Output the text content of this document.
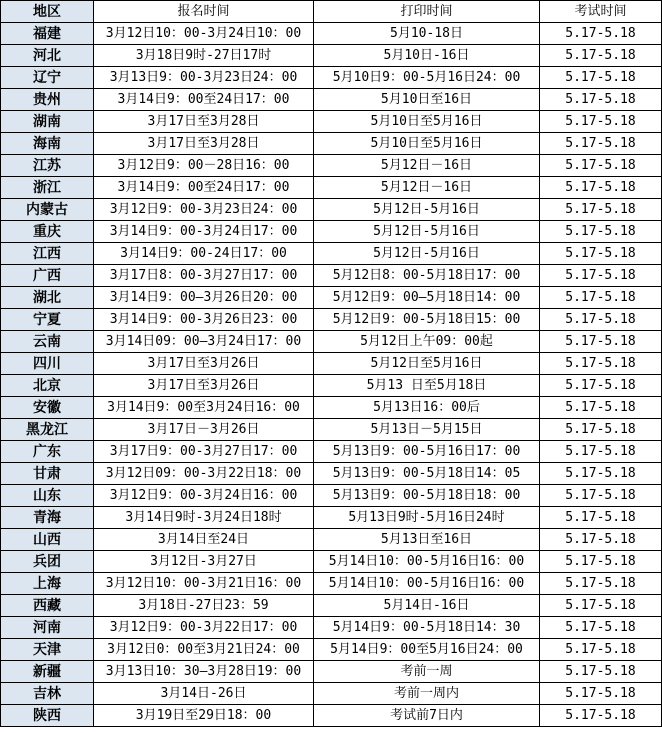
地区	报名时间	打印时间	考试时间
福建	3月12日10：00-3月24日10：00	5月10-18日	5.17-5.18
河北	3月18日9时-27日17时	5月10日-16日	5.17-5.18
辽宁	3月13日9：00-3月23日24：00	5月10日9：00-5月16日24：00	5.17-5.18
贵州	3月14日9：00至24日17：00	5月10日至16日	5.17-5.18
湖南	3月17日至3月28日	5月10日至5月16日	5.17-5.18
海南	3月17日至3月28日	5月10日至5月16日	5.17-5.18
江苏	3月12日9：00－28日16：00	5月12日－16日	5.17-5.18
浙江	3月14日9：00至24日17：00	5月12日－16日	5.17-5.18
内蒙古	3月12日9：00-3月23日24：00	5月12日-5月16日	5.17-5.18
重庆	3月14日9：00-3月24日17：00	5月12日-5月16日	5.17-5.18
江西	3月14日9：00-24日17：00	5月12日-5月16日	5.17-5.18
广西	3月17日8：00-3月27日17：00	5月12日8：00-5月18日17：00	5.17-5.18
湖北	3月14日9：00—3月26日20：00	5月12日9：00—5月18日14：00	5.17-5.18
宁夏	3月14日9：00-3月26日23：00	5月12日9：00-5月18日15：00	5.17-5.18
云南	3月14日09：00—3月24日17：00	5月12日上午09：00起	5.17-5.18
四川	3月17日至3月26日	5月12日至5月16日	5.17-5.18
北京	3月17日至3月26日	5月13 日至5月18日	5.17-5.18
安徽	3月14日9：00至3月24日16：00	5月13日16：00后	5.17-5.18
黑龙江	3月17日－3月26日	5月13日－5月15日	5.17-5.18
广东	3月17日9：00-3月27日17：00	5月13日9：00-5月16日17：00	5.17-5.18
甘肃	3月12日09：00-3月22日18：00	5月13日9：00-5月18日14：05	5.17-5.18
山东	3月12日9：00-3月24日16：00	5月13日9：00-5月18日18：00	5.17-5.18
青海	3月14日9时-3月24日18时	5月13日9时-5月16日24时	5.17-5.18
山西	3月14日至24日	5月13日至16日	5.17-5.18
兵团	3月12日-3月27日	5月14日10：00-5月16日16：00	5.17-5.18
上海	3月12日10：00-3月21日16：00	5月14日10：00-5月16日16：00	5.17-5.18
西藏	3月18日-27日23：59	5月14日-16日	5.17-5.18
河南	3月12日9：00-3月22日17：00	5月14日9：00-5月18日14：30	5.17-5.18
天津	3月12日0：00至3月21日24：00	5月14日9：00至5月16日24：00	5.17-5.18
新疆	3月13日10：30—3月28日19：00	考前一周	5.17-5.18
吉林	3月14日-26日	考前一周内	5.17-5.18
陕西	3月19日至29日18：00	考试前7日内	5.17-5.18
